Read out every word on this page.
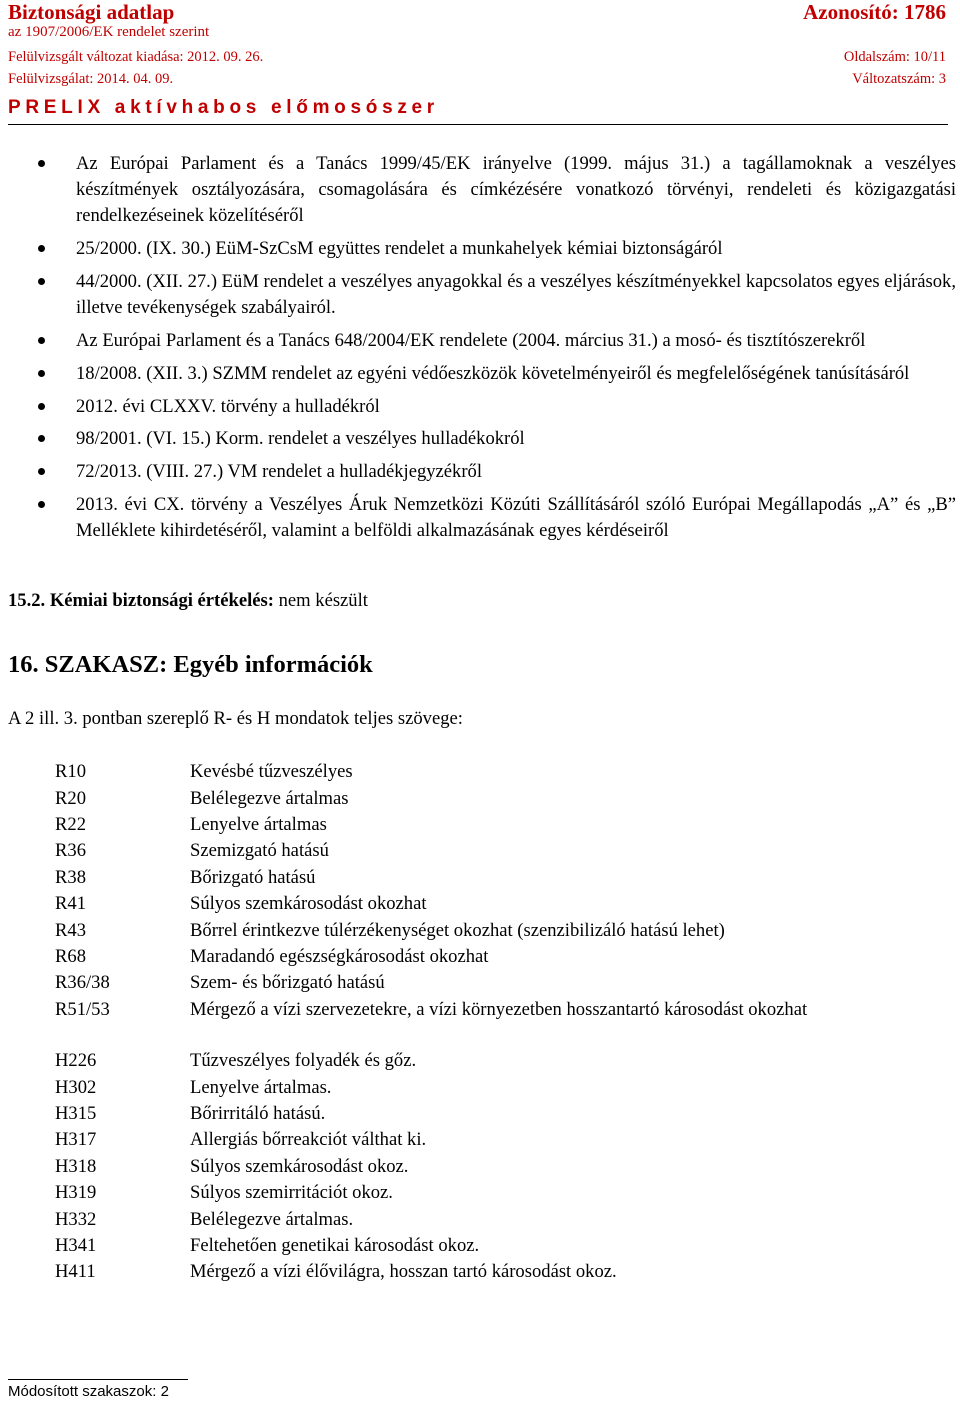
Biztonsági adatlap	Azonosító: 1786
az 1907/2006/EK rendelet szerint
Felülvizsgált változat kiadása: 2012. 09. 26.	Oldalszám: 10/11
Felülvizsgálat: 2014. 04. 09.	Változatszám: 3
PRELIX aktívhabos előmosószer
Az Európai Parlament és a Tanács 1999/45/EK irányelve (1999. május 31.) a tagállamoknak a veszélyes készítmények osztályozására, csomagolására és címkézésére vonatkozó törvényi, rendeleti és közigazgatási rendelkezéseinek közelítéséről
25/2000. (IX. 30.) EüM-SzCsM együttes rendelet a munkahelyek kémiai biztonságáról
44/2000. (XII. 27.) EüM rendelet a veszélyes anyagokkal és a veszélyes készítményekkel kapcsolatos egyes eljárások, illetve tevékenységek szabályairól.
Az Európai Parlament és a Tanács 648/2004/EK rendelete (2004. március 31.) a mosó- és tisztítószerekről
18/2008. (XII. 3.) SZMM rendelet az egyéni védőeszközök követelményeiről és megfelelőségének tanúsításáról
2012. évi CLXXV. törvény a hulladékról
98/2001. (VI. 15.) Korm. rendelet a veszélyes hulladékokról
72/2013. (VIII. 27.) VM rendelet a hulladékjegyzékről
2013. évi CX. törvény a Veszélyes Áruk Nemzetközi Közúti Szállításáról szóló Európai Megállapodás „A” és „B” Melléklete kihirdetéséről, valamint a belföldi alkalmazásának egyes kérdéseiről
15.2. Kémiai biztonsági értékelés: nem készült
16. SZAKASZ: Egyéb információk
A 2 ill. 3. pontban szereplő R- és H mondatok teljes szövege:
R10	Kevésbé tűzveszélyes
R20	Belélegezve ártalmas
R22	Lenyelve ártalmas
R36	Szemizgató hatású
R38	Bőrizgató hatású
R41	Súlyos szemkárosodást okozhat
R43	Bőrrel érintkezve túlérzékenységet okozhat (szenzibilizáló hatású lehet)
R68	Maradandó egészségkárosodást okozhat
R36/38	Szem- és bőrizgató hatású
R51/53	Mérgező a vízi szervezetekre, a vízi környezetben hosszantartó károsodást okozhat
H226	Tűzveszélyes folyadék és gőz.
H302	Lenyelve ártalmas.
H315	Bőrirritáló hatású.
H317	Allergiás bőrreakciót válthat ki.
H318	Súlyos szemkárosodást okoz.
H319	Súlyos szemirritációt okoz.
H332	Belélegezve ártalmas.
H341	Feltehetően genetikai károsodást okoz.
H411	Mérgező a vízi élővilágra, hosszan tartó károsodást okoz.
Módosított szakaszok: 2
